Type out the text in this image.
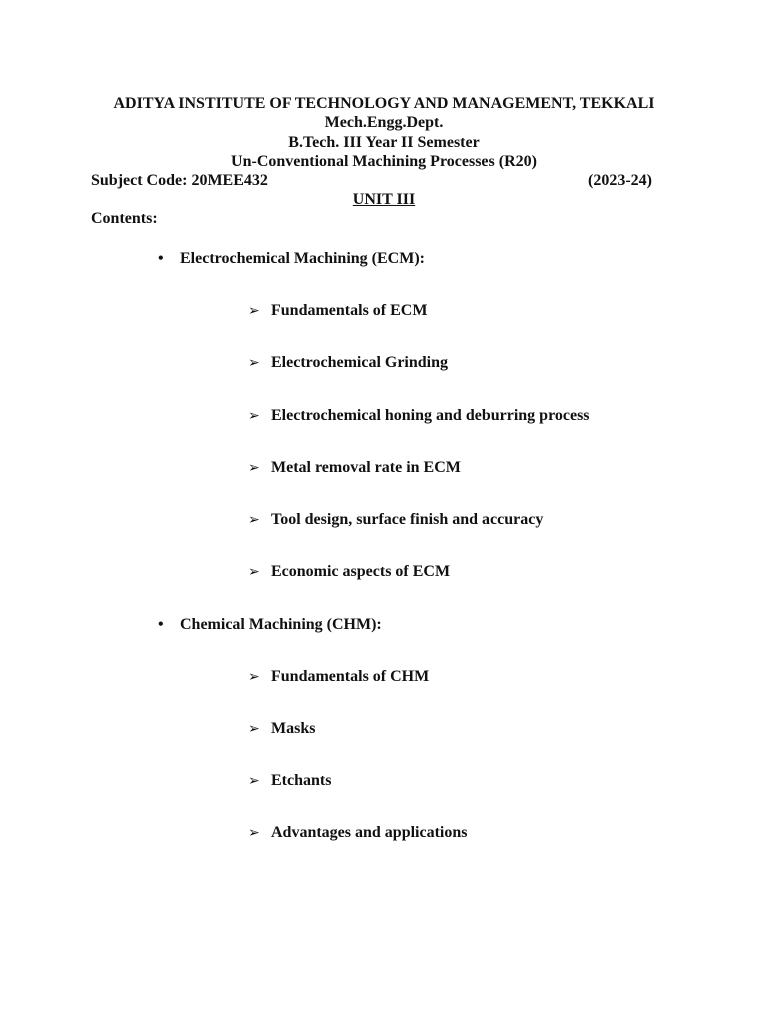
ADITYA INSTITUTE OF TECHNOLOGY AND MANAGEMENT, TEKKALI
Mech.Engg.Dept.
B.Tech. III Year II Semester
Un-Conventional Machining Processes (R20)
Subject Code: 20MEE432	(2023-24)
UNIT III
Contents:
• Electrochemical Machining (ECM):
➢ Fundamentals of ECM
➢ Electrochemical Grinding
➢ Electrochemical honing and deburring process
➢ Metal removal rate in ECM
➢ Tool design, surface finish and accuracy
➢ Economic aspects of ECM
• Chemical Machining (CHM):
➢ Fundamentals of CHM
➢ Masks
➢ Etchants
➢ Advantages and applications
